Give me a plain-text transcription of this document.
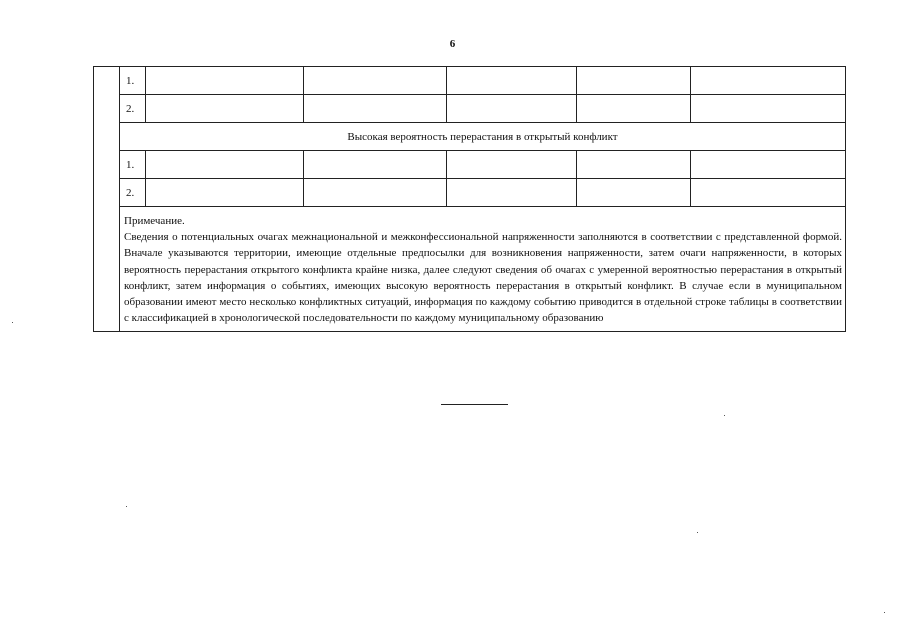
6
	1.					
	2.					
	Высокая вероятность перерастания в открытый конфликт					
	1.					
	2.					

	Примечание.
Сведения о потенциальных очагах межнациональной и межконфессиональной напряженности заполняются в соответствии с представленной формой. Вначале указываются территории, имеющие отдельные предпосылки для возникновения напряженности, затем очаги напряженности, в которых вероятность перерастания открытого конфликта крайне низка, далее следуют сведения об очагах с умеренной вероятностью перерастания в открытый конфликт, затем информация о событиях, имеющих высокую вероятность перерастания в открытый конфликт. В случае если в муниципальном образовании имеют место несколько конфликтных ситуаций, информация по каждому событию приводится в отдельной строке таблицы в соответствии с классификацией в хронологической последовательности по каждому муниципальному образованию					
